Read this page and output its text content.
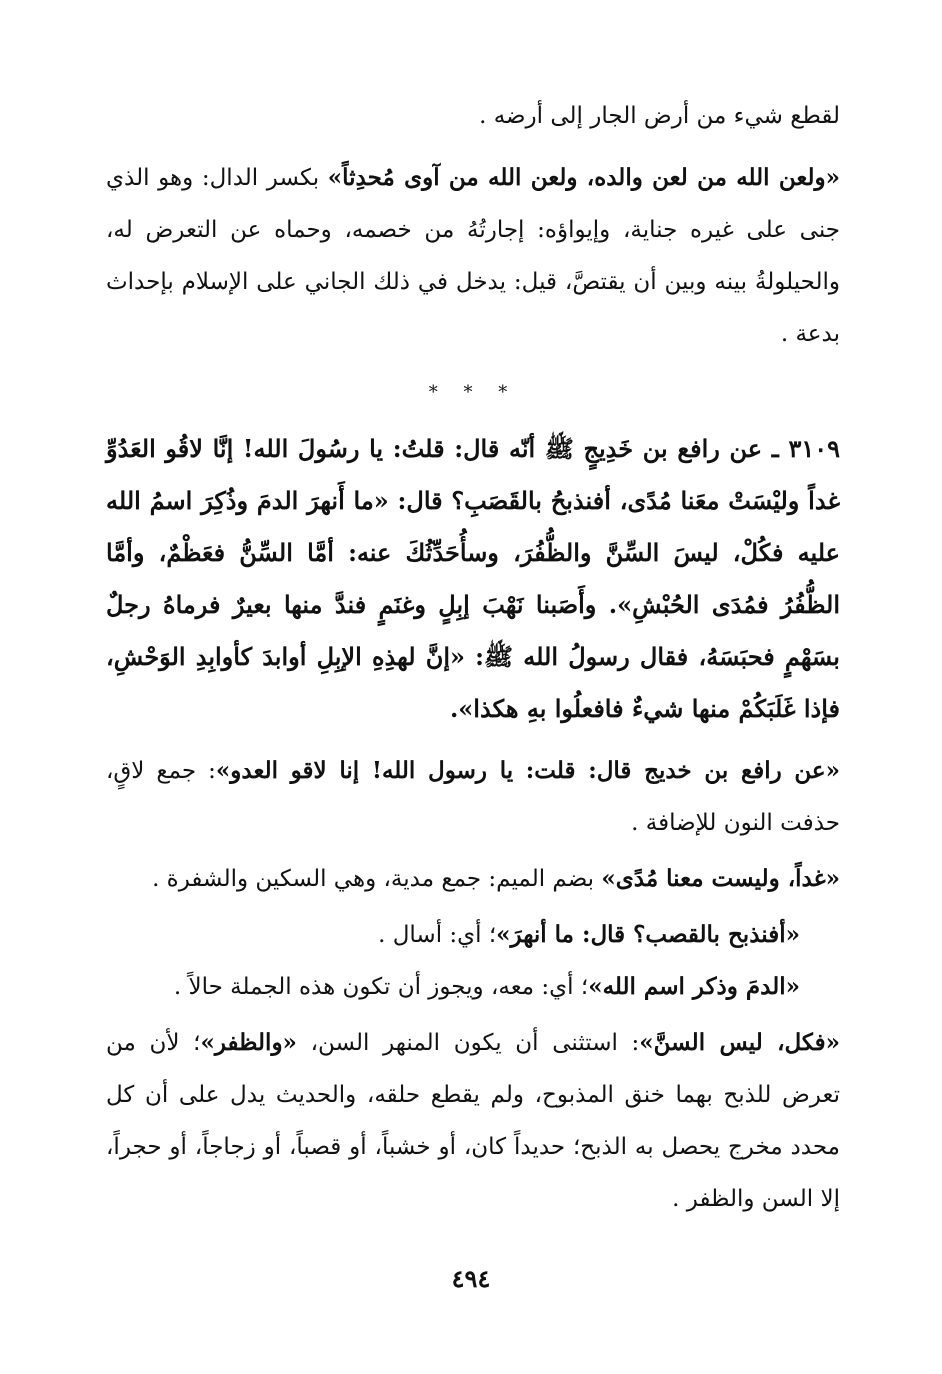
لقطع شيء من أرض الجار إلى أرضه .

«ولعن الله من لعن والده، ولعن الله من آوى مُحدِثاً» بكسر الدال: وهو الذي جنى على غيره جناية، وإيواؤه: إجارتُهُ من خصمه، وحماه عن التعرض له، والحيلولةُ بينه وبين أن يقتصَّ، قيل: يدخل في ذلك الجاني على الإسلام بإحداث بدعة .

* * *

٣١٠٩ ـ عن رافع بن خَدِيجٍ ﷺ أنّه قال: قلتُ: يا رسُولَ الله! إنَّا لاقُو العَدُوِّ غداً وليْسَتْ معَنا مُدًى، أفنذبحُ بالقَصَبِ؟ قال: «ما أَنهرَ الدمَ وذُكِرَ اسمُ الله عليه فكُلْ، ليسَ السِّنَّ والظُّفُرَ، وسأُحَدِّثُكَ عنه: أمَّا السِّنُّ فعَظْمٌ، وأمَّا الظُّفُرُ فمُدَى الحُبْشِ». وأَصَبنا نَهْبَ إبِلٍ وغنَمٍ فندَّ منها بعيرٌ فرماهُ رجلٌ بسَهْمٍ فحبَسَهُ، فقال رسولُ الله ﷺ: «إنَّ لهذِهِ الإبِلِ أوابدَ كأوابِدِ الوَحْشِ، فإذا غَلَبَكُمْ منها شيءٌ فافعلُوا بهِ هكذا».

«عن رافع بن خديج قال: قلت: يا رسول الله! إنا لاقو العدو»: جمع لاقٍ، حذفت النون للإضافة .

«غداً، وليست معنا مُدًى» بضم الميم: جمع مدية، وهي السكين والشفرة .

«أفنذبح بالقصب؟ قال: ما أنهرَ»؛ أي: أسال .

«الدمَ وذكر اسم الله»؛ أي: معه، ويجوز أن تكون هذه الجملة حالاً .

«فكل، ليس السنَّ»: استثنى أن يكون المنهر السن، «والظفر»؛ لأن من تعرض للذبح بهما خنق المذبوح، ولم يقطع حلقه، والحديث يدل على أن كل محدد مخرج يحصل به الذبح؛ حديداً كان، أو خشباً، أو قصباً، أو زجاجاً، أو حجراً، إلا السن والظفر .

٤٩٤
